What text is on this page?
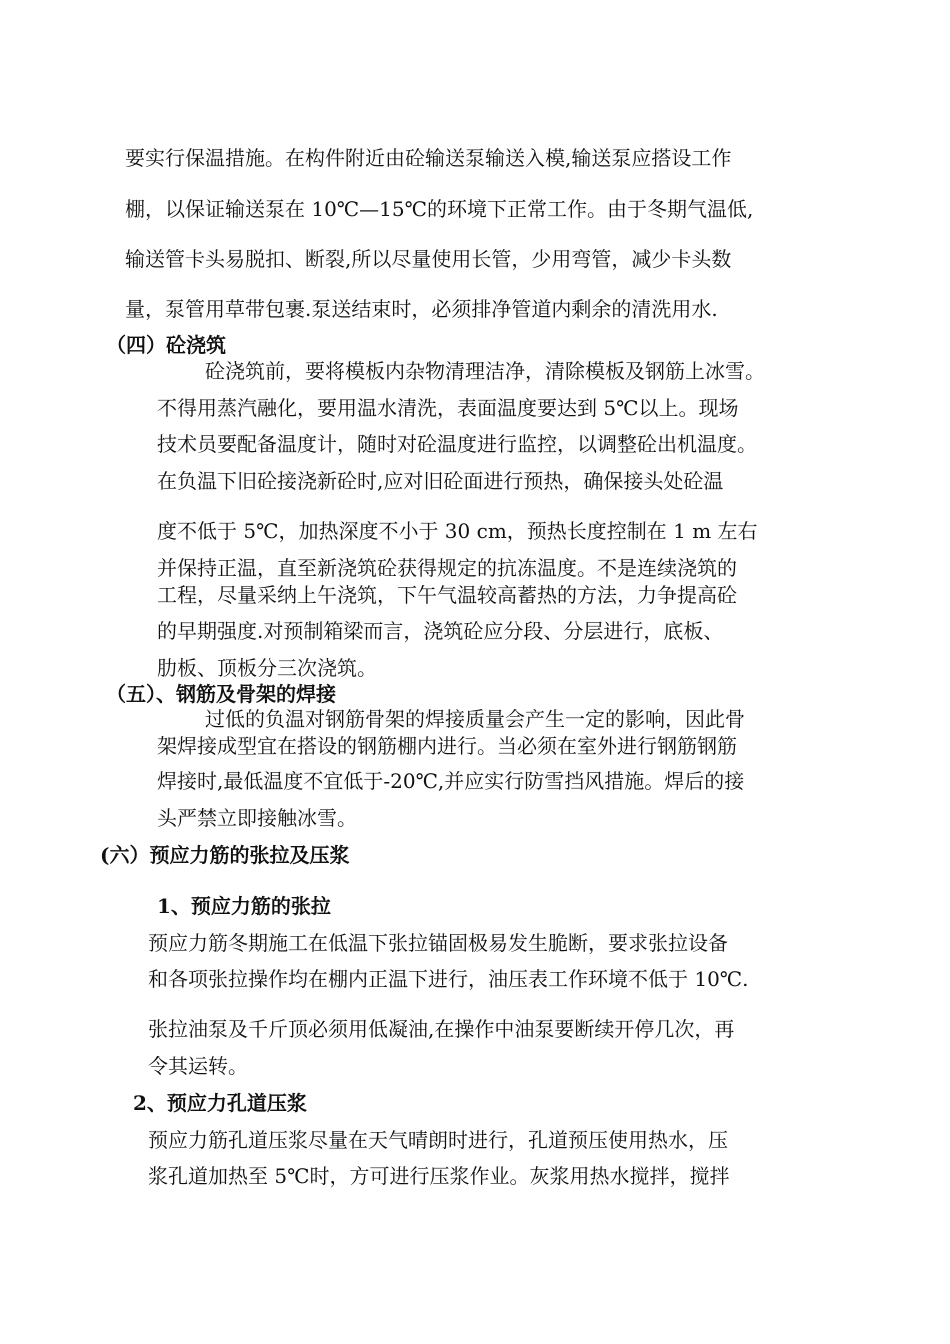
要实行保温措施。在构件附近由砼输送泵输送入模,输送泵应搭设工作

棚，以保证输送泵在 10℃—15℃的环境下正常工作。由于冬期气温低,

输送管卡头易脱扣、断裂,所以尽量使用长管，少用弯管，减少卡头数

量，泵管用草带包裹.泵送结束时，必须排净管道内剩余的清洗用水.

（四）砼浇筑

砼浇筑前，要将模板内杂物清理洁净，清除模板及钢筋上冰雪。

不得用蒸汽融化，要用温水清洗，表面温度要达到 5℃以上。现场

技术员要配备温度计，随时对砼温度进行监控，以调整砼出机温度。

在负温下旧砼接浇新砼时,应对旧砼面进行预热，确保接头处砼温

度不低于 5℃，加热深度不小于 30 cm，预热长度控制在 1 m 左右

并保持正温，直至新浇筑砼获得规定的抗冻温度。不是连续浇筑的

工程，尽量采纳上午浇筑，下午气温较高蓄热的方法，力争提高砼

的早期强度.对预制箱梁而言，浇筑砼应分段、分层进行，底板、

肋板、顶板分三次浇筑。

（五）、钢筋及骨架的焊接

过低的负温对钢筋骨架的焊接质量会产生一定的影响，因此骨

架焊接成型宜在搭设的钢筋棚内进行。当必须在室外进行钢筋钢筋

焊接时,最低温度不宜低于-20℃,并应实行防雪挡风措施。焊后的接

头严禁立即接触冰雪。

(六）预应力筋的张拉及压浆

1、预应力筋的张拉

预应力筋冬期施工在低温下张拉锚固极易发生脆断，要求张拉设备

和各项张拉操作均在棚内正温下进行，油压表工作环境不低于 10℃.

张拉油泵及千斤顶必须用低凝油,在操作中油泵要断续开停几次，再

令其运转。

2、预应力孔道压浆

预应力筋孔道压浆尽量在天气晴朗时进行，孔道预压使用热水，压

浆孔道加热至 5℃时，方可进行压浆作业。灰浆用热水搅拌，搅拌
